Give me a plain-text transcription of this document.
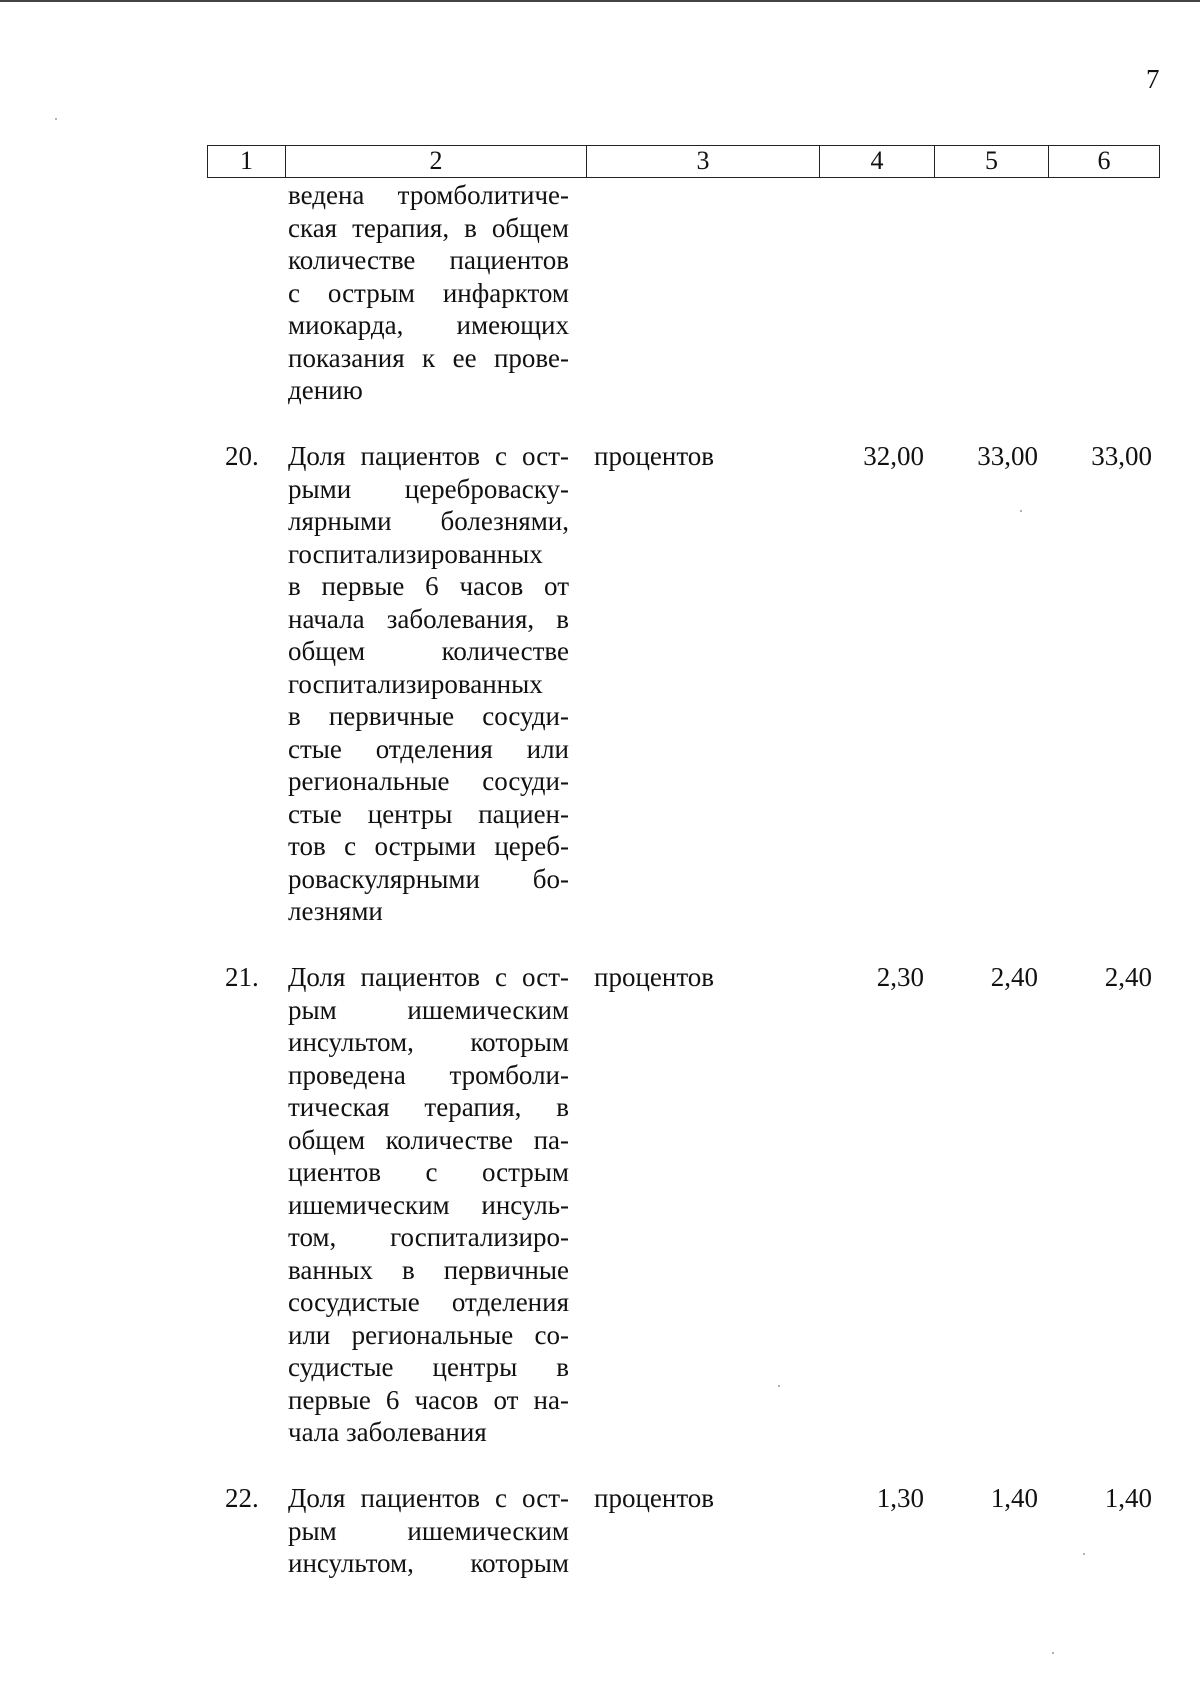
7
1	2	3	4	5	6
ведена тромболитиче-
ская терапия, в общем
количестве пациентов
с острым инфарктом
миокарда, имеющих
показания к ее прове-
дению
20. Доля пациентов с ост-
рыми цереброваску-
лярными болезнями,
госпитализированных
в первые 6 часов от
начала заболевания, в
общем количестве
госпитализированных
в первичные сосуди-
стые отделения или
региональные сосуди-
стые центры пациен-
тов с острыми цереб-
роваскулярными бо-
лезнями
процентов	32,00	33,00	33,00
21. Доля пациентов с ост-
рым ишемическим
инсультом, которым
проведена тромболи-
тическая терапия, в
общем количестве па-
циентов с острым
ишемическим инсуль-
том, госпитализиро-
ванных в первичные
сосудистые отделения
или региональные со-
судистые центры в
первые 6 часов от на-
чала заболевания
процентов	2,30	2,40	2,40
22. Доля пациентов с ост-
рым ишемическим
инсультом, которым
процентов	1,30	1,40	1,40
